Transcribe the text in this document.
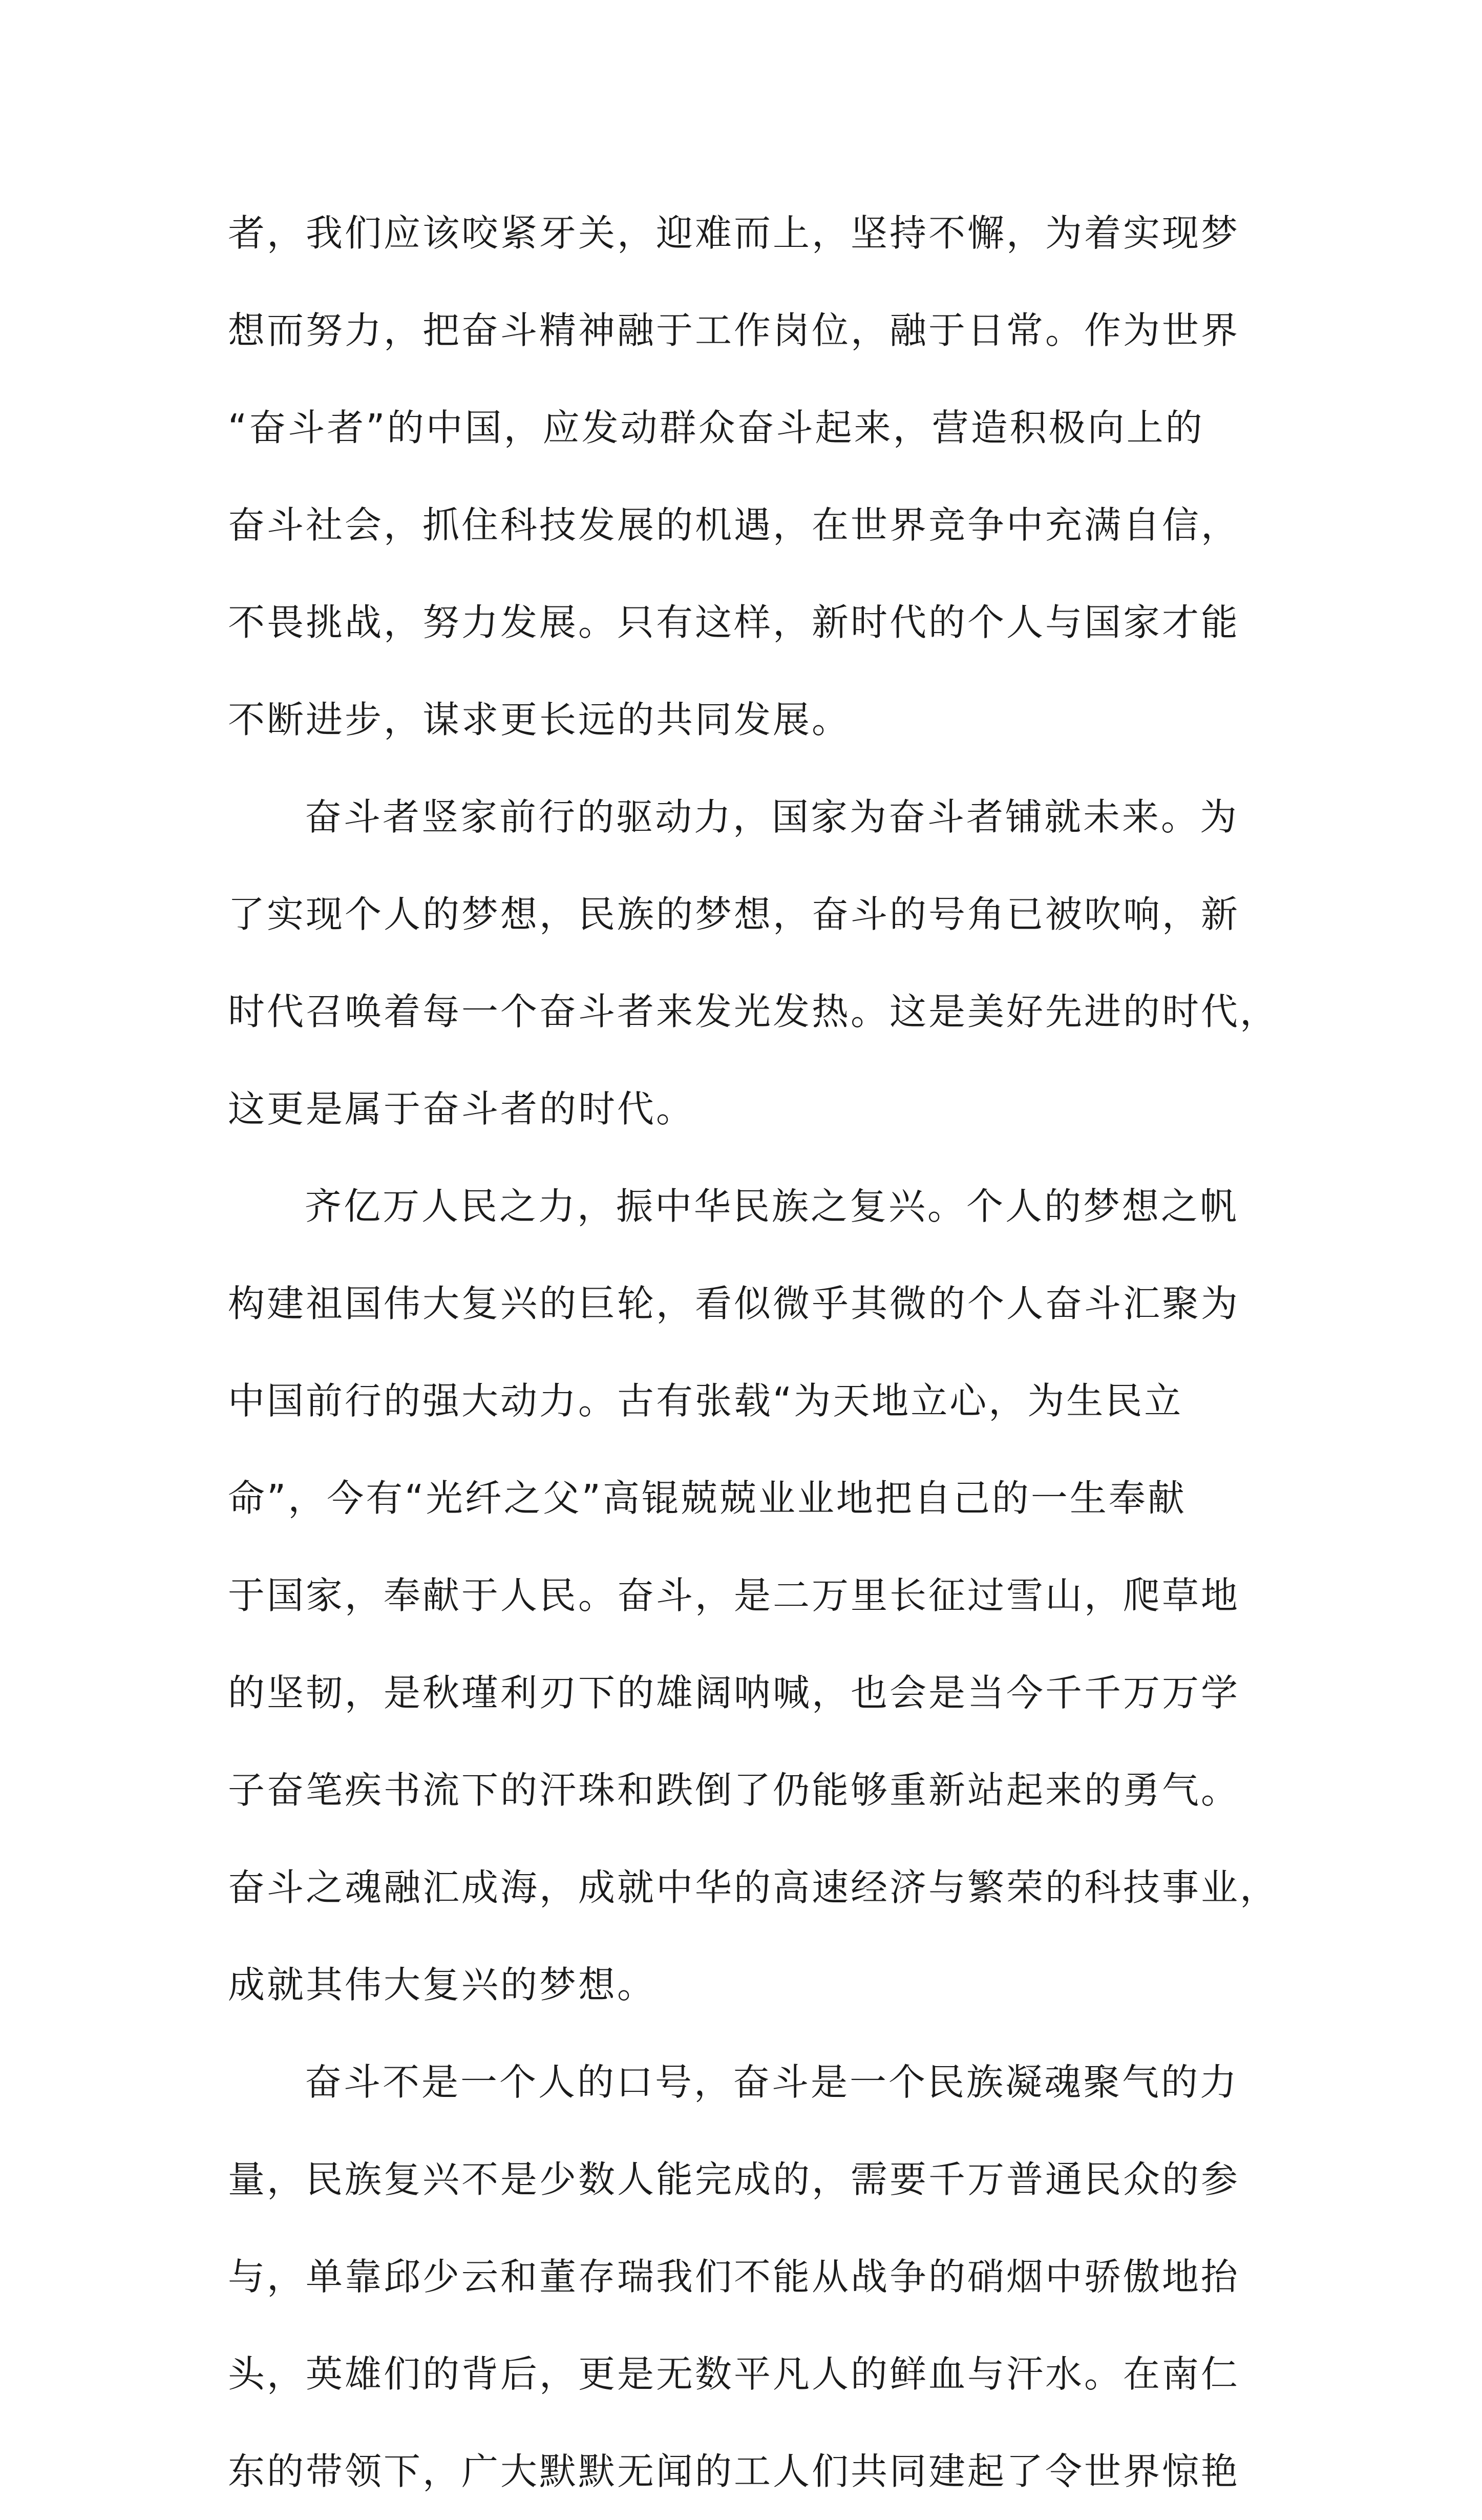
者，我们应该咬紧牙关，迎难而上，坚持不懈，为着实现梦
想而努力，把奋斗精神融于工作岗位，融于日常。作为世界
“奋斗者”的中国，应发动群众奋斗起来，营造积极向上的
奋斗社会，抓住科技发展的机遇，在世界竞争中充满自信，
不畏挑战，努力发展。只有这样，新时代的个人与国家才能
不断进步，谋求更长远的共同发展。
奋斗者竖家前行的驱动力，国家为奋斗者铺就未来。为
了实现个人的梦想，民族的梦想，奋斗的号角已被吹响，新
时代召唤着每一个奋斗者来发光发热。这是美好先进的时代，
这更是属于奋斗者的时代。
齐亿万人民之力，振中华民族之复兴。个人的梦想之帆
构建祖国伟大复兴的巨轮，看似微乎其微的个人奋斗汇聚为
中国前行的强大动力。古有张载“为天地立心，为生民立
命”，今有“光纤之父”高锟兢兢业业地把自己的一生奉献
于国家，奉献于人民。奋斗，是二万里长征过雪山，爬草地
的坚韧，是秋瑾利刃下的雄阔呐喊，也会是当今千千万万学
子奋笔疾书流下的汗珠和跌倒了仍能够重新站起来的勇气。
奋斗之魂融汇成海，成就中华的高速经济与繁荣的科技事业，
成就其伟大复兴的梦想。
奋斗不是一个人的口号，奋斗是一个民族凝魂聚气的力
量，民族复兴不是少数人能完成的，需要千万普通民众的参
与，单靠邱少云和董存瑞我们不能从战争的硝烟中骄傲地抬
头，英雄们的背后，更是无数平凡人的鲜血与汗水。在南仁
东的带领下，广大默默无闻的工人们共同建起了令世界惊艳
